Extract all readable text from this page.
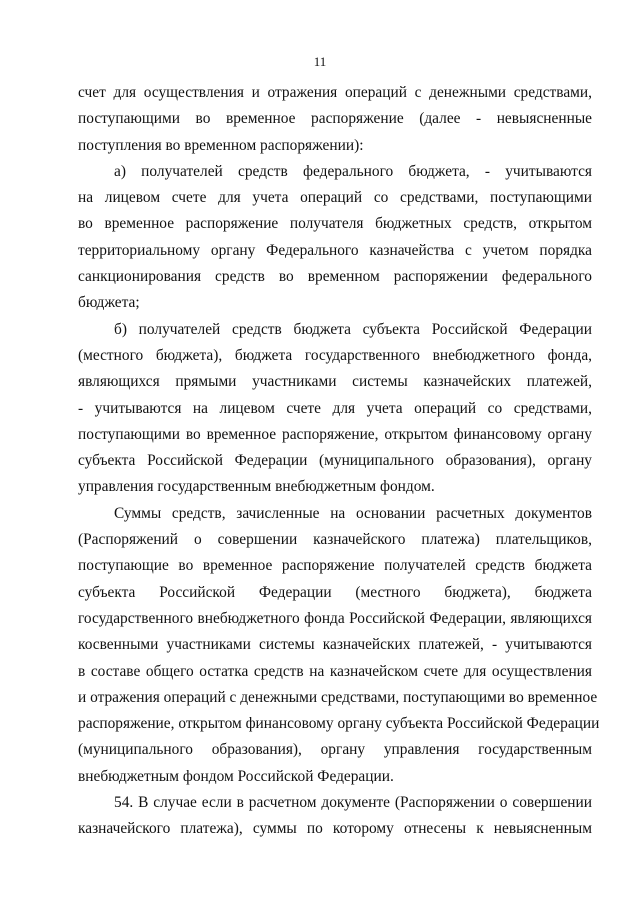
11
счет для осуществления и отражения операций с денежными средствами,
поступающими во временное распоряжение (далее - невыясненные
поступления во временном распоряжении):
а) получателей средств федерального бюджета, - учитываются
на лицевом счете для учета операций со средствами, поступающими
во временное распоряжение получателя бюджетных средств, открытом
территориальному органу Федерального казначейства с учетом порядка
санкционирования средств во временном распоряжении федерального
бюджета;
б) получателей средств бюджета субъекта Российской Федерации
(местного бюджета), бюджета государственного внебюджетного фонда,
являющихся прямыми участниками системы казначейских платежей,
- учитываются на лицевом счете для учета операций со средствами,
поступающими во временное распоряжение, открытом финансовому органу
субъекта Российской Федерации (муниципального образования), органу
управления государственным внебюджетным фондом.
Суммы средств, зачисленные на основании расчетных документов
(Распоряжений о совершении казначейского платежа) плательщиков,
поступающие во временное распоряжение получателей средств бюджета
субъекта Российской Федерации (местного бюджета), бюджета
государственного внебюджетного фонда Российской Федерации, являющихся
косвенными участниками системы казначейских платежей, - учитываются
в составе общего остатка средств на казначейском счете для осуществления
и отражения операций с денежными средствами, поступающими во временное
распоряжение, открытом финансовому органу субъекта Российской Федерации
(муниципального образования), органу управления государственным
внебюджетным фондом Российской Федерации.
54. В случае если в расчетном документе (Распоряжении о совершении
казначейского платежа), суммы по которому отнесены к невыясненным
